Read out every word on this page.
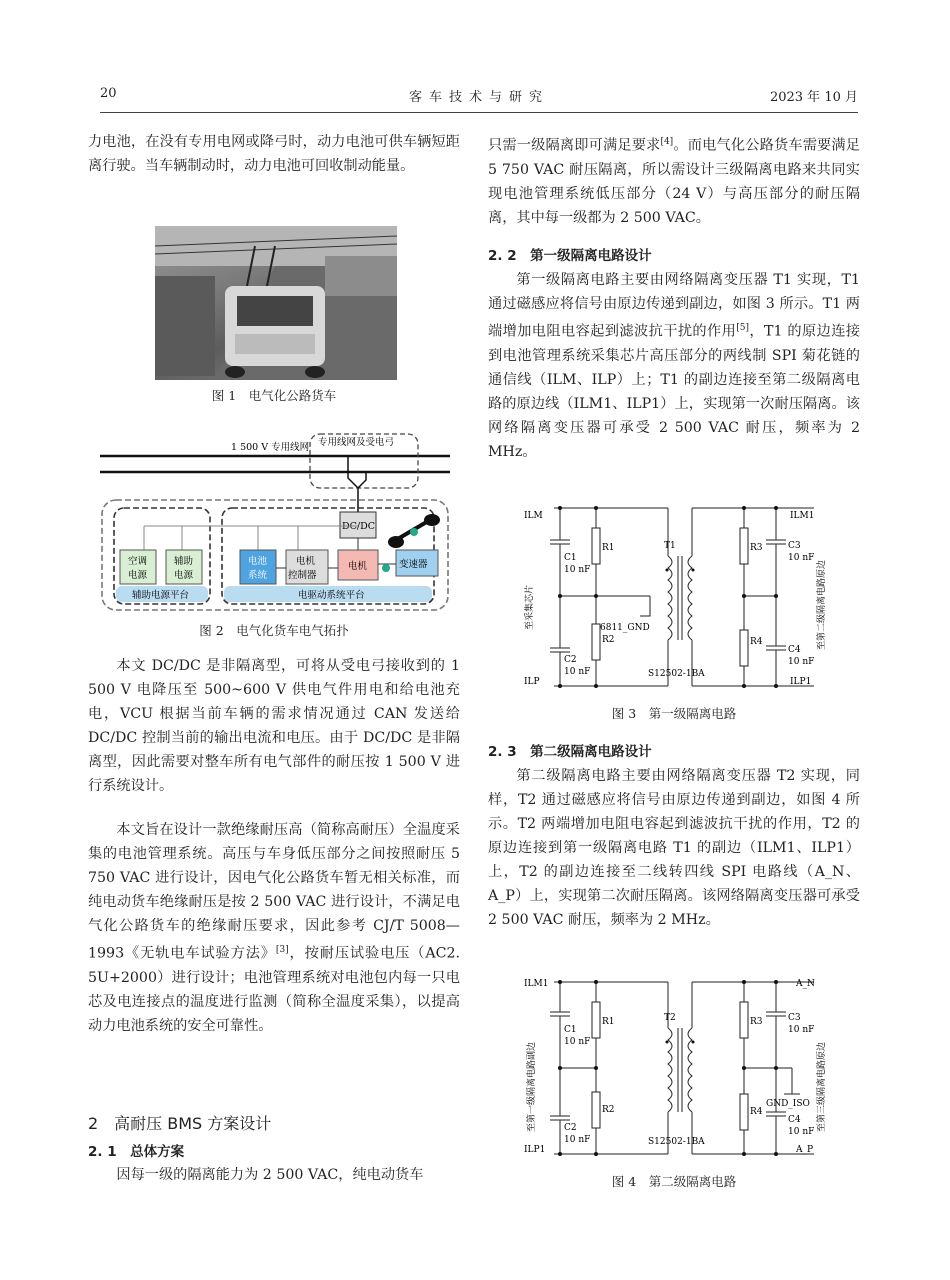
20	客车技术与研究	2023 年 10 月

力电池，在没有专用电网或降弓时，动力电池可供车辆短距离行驶。当车辆制动时，动力电池可回收制动能量。

图 1　电气化公路货车
1 500 V 专用线网 专用线网及受电弓
DC/DC
空调
电源
辅助
电源
电池
系统
电机
控制器
电机	变速器
辅助电源平台	电驱动系统平台
图 2　电气化货车电气拓扑

本文 DC/DC 是非隔离型，可将从受电弓接收到的 1 500 V 电降压至 500~600 V 供电气件用电和给电池充电，VCU 根据当前车辆的需求情况通过 CAN 发送给 DC/DC 控制当前的输出电流和电压。由于 DC/DC 是非隔离型，因此需要对整车所有电气部件的耐压按 1 500 V 进行系统设计。

本文旨在设计一款绝缘耐压高（简称高耐压）全温度采集的电池管理系统。高压与车身低压部分之间按照耐压 5 750 VAC 进行设计，因电气化公路货车暂无相关标准，而纯电动货车绝缘耐压是按 2 500 VAC 进行设计，不满足电气化公路货车的绝缘耐压要求，因此参考 CJ/T 5008—1993《无轨电车试验方法》[3]，按耐压试验电压（AC2. 5U+2000）进行设计；电池管理系统对电池包内每一只电芯及电连接点的温度进行监测（简称全温度采集），以提高动力电池系统的安全可靠性。

2　高耐压 BMS 方案设计
2. 1　总体方案

因每一级的隔离能力为 2 500 VAC，纯电动货车

只需一级隔离即可满足要求[4]。而电气化公路货车需要满足 5 750 VAC 耐压隔离，所以需设计三级隔离电路来共同实现电池管理系统低压部分（24 V）与高压部分的耐压隔离，其中每一级都为 2 500 VAC。

2. 2　第一级隔离电路设计

第一级隔离电路主要由网络隔离变压器 T1 实现，T1 通过磁感应将信号由原边传递到副边，如图 3 所示。T1 两端增加电阻电容起到滤波抗干扰的作用[5]，T1 的原边连接到电池管理系统采集芯片高压部分的两线制 SPI 菊花链的通信线（ILM、ILP）上；T1 的副边连接至第二级隔离电路的原边线（ILM1、ILP1）上，实现第一次耐压隔离。该网络隔离变压器可承受 2 500 VAC 耐压，频率为 2 MHz。

ILM
ILP
ILM1
ILP1
C1
10 nF
C2
10 nF
R1
R2
T1
6811_GND
S12502-1BA
R3
R4
C3
10 nF
C4
10 nF
至采集芯片	至第二级隔离电路原边
图 3　第一级隔离电路
2. 3　第二级隔离电路设计

第二级隔离电路主要由网络隔离变压器 T2 实现，同样，T2 通过磁感应将信号由原边传递到副边，如图 4 所示。T2 两端增加电阻电容起到滤波抗干扰的作用，T2 的原边连接到第一级隔离电路 T1 的副边（ILM1、ILP1）上，T2 的副边连接至二线转四线 SPI 电路线（A_N、A_P）上，实现第二次耐压隔离。该网络隔离变压器可承受 2 500 VAC 耐压，频率为 2 MHz。

ILM1
ILP1
A_N
A_P
C1
10 nF
C2
10 nF
R1
R2
T2
S12502-1BA
R3
R4
C3
10 nF
GND_ISO
C4
10 nF
至第一级隔离电路副边	至第三级隔离电路原边
图 4　第二级隔离电路
